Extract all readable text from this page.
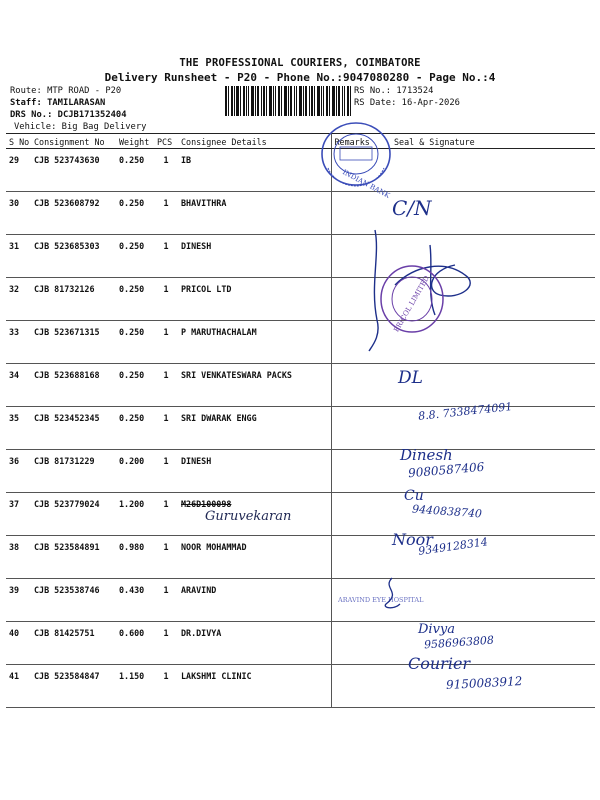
THE PROFESSIONAL COURIERS, COIMBATORE
Delivery Runsheet - P20 - Phone No.:9047080280 - Page No.:4
Route: MTP ROAD - P20
Staff: TAMILARASAN
DRS No.: DCJB171352404
Vehicle: Big Bag Delivery
RS No.: 1713524
RS Date: 16-Apr-2026
S No	Consignment No	Weight	PCS	Consignee Details	Remarks	Seal & Signature
29	CJB 523743630	0.250	1	IB		
30	CJB 523608792	0.250	1	BHAVITHRA		
31	CJB 523685303	0.250	1	DINESH		
32	CJB 81732126	0.250	1	PRICOL LTD		
33	CJB 523671315	0.250	1	P MARUTHACHALAM		
34	CJB 523688168	0.250	1	SRI VENKATESWARA PACKS		
35	CJB 523452345	0.250	1	SRI DWARAK ENGG		
36	CJB 81731229	0.200	1	DINESH		
37	CJB 523779024	1.200	1	M26D100098		
38	CJB 523584891	0.980	1	NOOR MOHAMMAD		
39	CJB 523538746	0.430	1	ARAVIND		
40	CJB 81425751	0.600	1	DR.DIVYA		
41	CJB 523584847	1.150	1	LAKSHMI CLINIC		
INDIAN BANK
C/N
PRICOL LIMITED
DL
8.8. 7338474091
Dinesh
9080587406
Guruvekaran
Cu
9440838740
Noor
9349128314
ARAVIND EYE HOSPITAL
Divya
9586963808
Courier
9150083912
